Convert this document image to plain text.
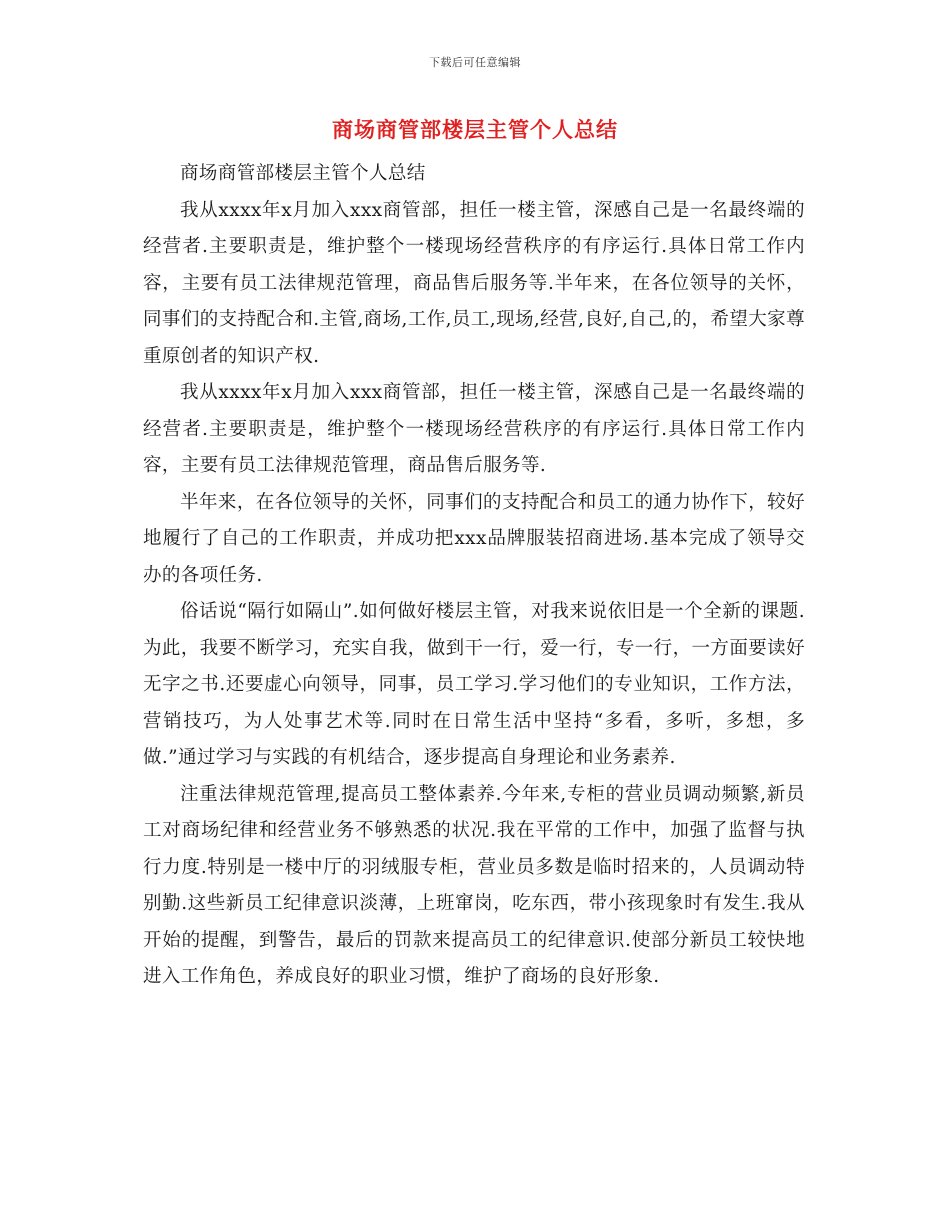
下载后可任意编辑
商场商管部楼层主管个人总结

商场商管部楼层主管个人总结

我从xxxx年x月加入xxx商管部，担任一楼主管，深感自己是一名最终端的经营者.主要职责是，维护整个一楼现场经营秩序的有序运行.具体日常工作内容，主要有员工法律规范管理，商品售后服务等.半年来，在各位领导的关怀，同事们的支持配合和.主管,商场,工作,员工,现场,经营,良好,自己,的，希望大家尊重原创者的知识产权.

我从xxxx年x月加入xxx商管部，担任一楼主管，深感自己是一名最终端的经营者.主要职责是，维护整个一楼现场经营秩序的有序运行.具体日常工作内容，主要有员工法律规范管理，商品售后服务等.

半年来，在各位领导的关怀，同事们的支持配合和员工的通力协作下，较好地履行了自己的工作职责，并成功把xxx品牌服装招商进场.基本完成了领导交办的各项任务.

俗话说“隔行如隔山”.如何做好楼层主管，对我来说依旧是一个全新的课题.为此，我要不断学习，充实自我，做到干一行，爱一行，专一行，一方面要读好无字之书.还要虚心向领导，同事，员工学习.学习他们的专业知识，工作方法，营销技巧，为人处事艺术等.同时在日常生活中坚持“多看，多听，多想，多做.”通过学习与实践的有机结合，逐步提高自身理论和业务素养.

注重法律规范管理,提高员工整体素养.今年来,专柜的营业员调动频繁,新员工对商场纪律和经营业务不够熟悉的状况.我在平常的工作中，加强了监督与执行力度.特别是一楼中厅的羽绒服专柜，营业员多数是临时招来的，人员调动特别勤.这些新员工纪律意识淡薄，上班窜岗，吃东西，带小孩现象时有发生.我从开始的提醒，到警告，最后的罚款来提高员工的纪律意识.使部分新员工较快地进入工作角色，养成良好的职业习惯，维护了商场的良好形象.
